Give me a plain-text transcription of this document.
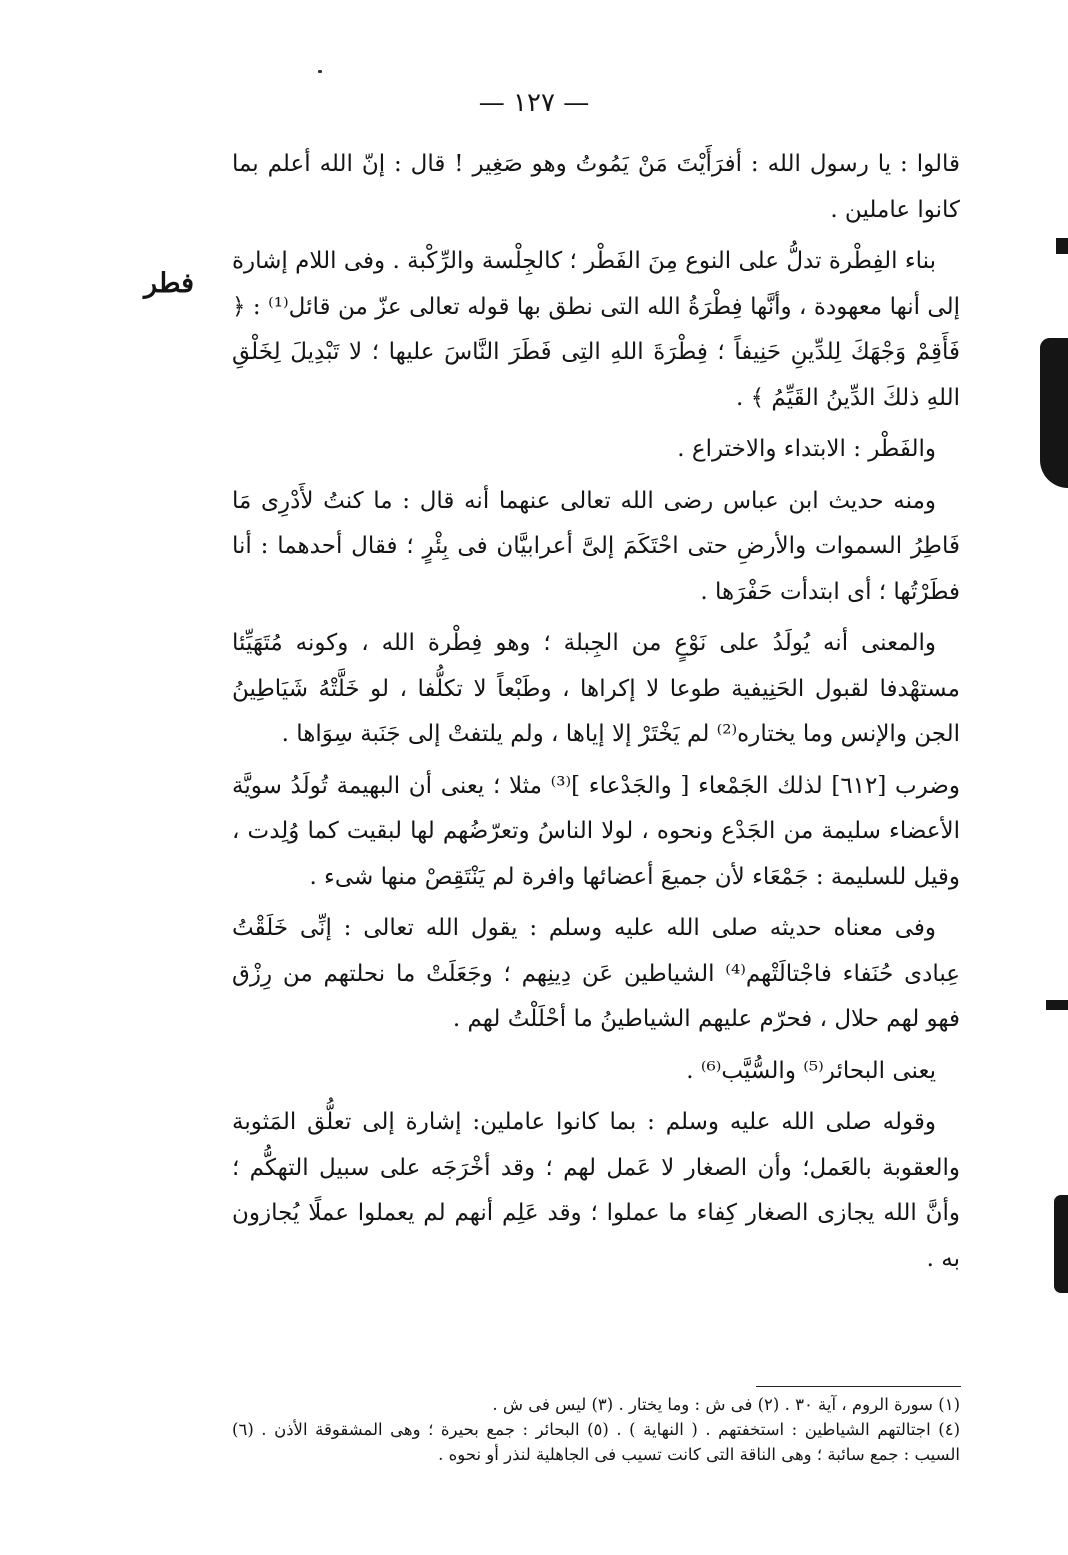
— ١٢٧ —
فطر

قالوا : يا رسول الله : أفرَأَيْتَ مَنْ يَمُوتُ وهو صَغِير ! قال : إنّ الله أعلم بما كانوا عاملين .

بناء الفِطْرة تدلُّ على النوع مِنَ الفَطْر ؛ كالجِلْسة والرِّكْبة . وفى اللام إشارة إلى أنها معهودة ، وأنَّها فِطْرَةُ الله التى نطق بها قوله تعالى عزّ من قائل⁽¹⁾ : ﴿ فَأَقِمْ وَجْهَكَ لِلدِّينِ حَنِيفاً ؛ فِطْرَةَ اللهِ التِى فَطَرَ النَّاسَ عليها ؛ لا تَبْدِيلَ لِخَلْقِ اللهِ ذلكَ الدِّينُ القَيِّمُ ﴾ .

والفَطْر : الابتداء والاختراع .

ومنه حديث ابن عباس رضى الله تعالى عنهما أنه قال : ما كنتُ لأَدْرِى مَا فَاطِرُ السموات والأرضِ حتى احْتَكَمَ إلىَّ أعرابيَّان فى بِئْرٍ ؛ فقال أحدهما : أنا فطَرْتُها ؛ أى ابتدأت حَفْرَها .

والمعنى أنه يُولَدُ على نَوْعٍ من الجِبلة ؛ وهو فِطْرة الله ، وكونه مُتَهَيِّئا مستهْدفا لقبول الحَنِيفية طوعا لا إكراها ، وطَبْعاً لا تكلُّفا ، لو خَلَّتْهُ شَيَاطِينُ الجن والإنس وما يختاره⁽²⁾ لم يَخْتَرْ إلا إياها ، ولم يلتفتْ إلى جَنَبة سِوَاها .

وضرب [٦١٢] لذلك الجَمْعاء [ والجَدْعاء ]⁽³⁾ مثلا ؛ يعنى أن البهيمة تُولَدُ سويَّة الأعضاء سليمة من الجَدْع ونحوه ، لولا الناسُ وتعرّضُهم لها لبقيت كما وُلِدت ، وقيل للسليمة : جَمْعَاء لأن جميعَ أعضائها وافرة لم يَنْتَقِصْ منها شىء .

وفى معناه حديثه صلى الله عليه وسلم : يقول الله تعالى : إنِّى خَلَقْتُ عِبادى حُنَفاء فاجْتالَتْهم⁽⁴⁾ الشياطين عَن دِينِهم ؛ وجَعَلَتْ ما نحلتهم من رِزْق فهو لهم حلال ، فحرّم عليهم الشياطينُ ما أحْلَلْتُ لهم .

يعنى البحائر⁽⁵⁾ والسُّيَّب⁽⁶⁾ .

وقوله صلى الله عليه وسلم : بما كانوا عاملين: إشارة إلى تعلُّق المَثوبة والعقوبة بالعَمل؛ وأن الصغار لا عَمل لهم ؛ وقد أخْرَجَه على سبيل التهكُّم ؛ وأنَّ الله يجازى الصغار كِفاء ما عملوا ؛ وقد عَلِم أنهم لم يعملوا عملًا يُجازون به .

(١) سورة الروم ، آية ٣٠ . (٢) فى ش : وما يختار . (٣) ليس فى ش .
(٤) اجتالتهم الشياطين : استخفتهم . ( النهاية ) . (٥) البحائر : جمع بحيرة ؛ وهى المشقوقة الأذن . (٦) السيب : جمع سائبة ؛ وهى الناقة التى كانت تسيب فى الجاهلية لنذر أو نحوه .
